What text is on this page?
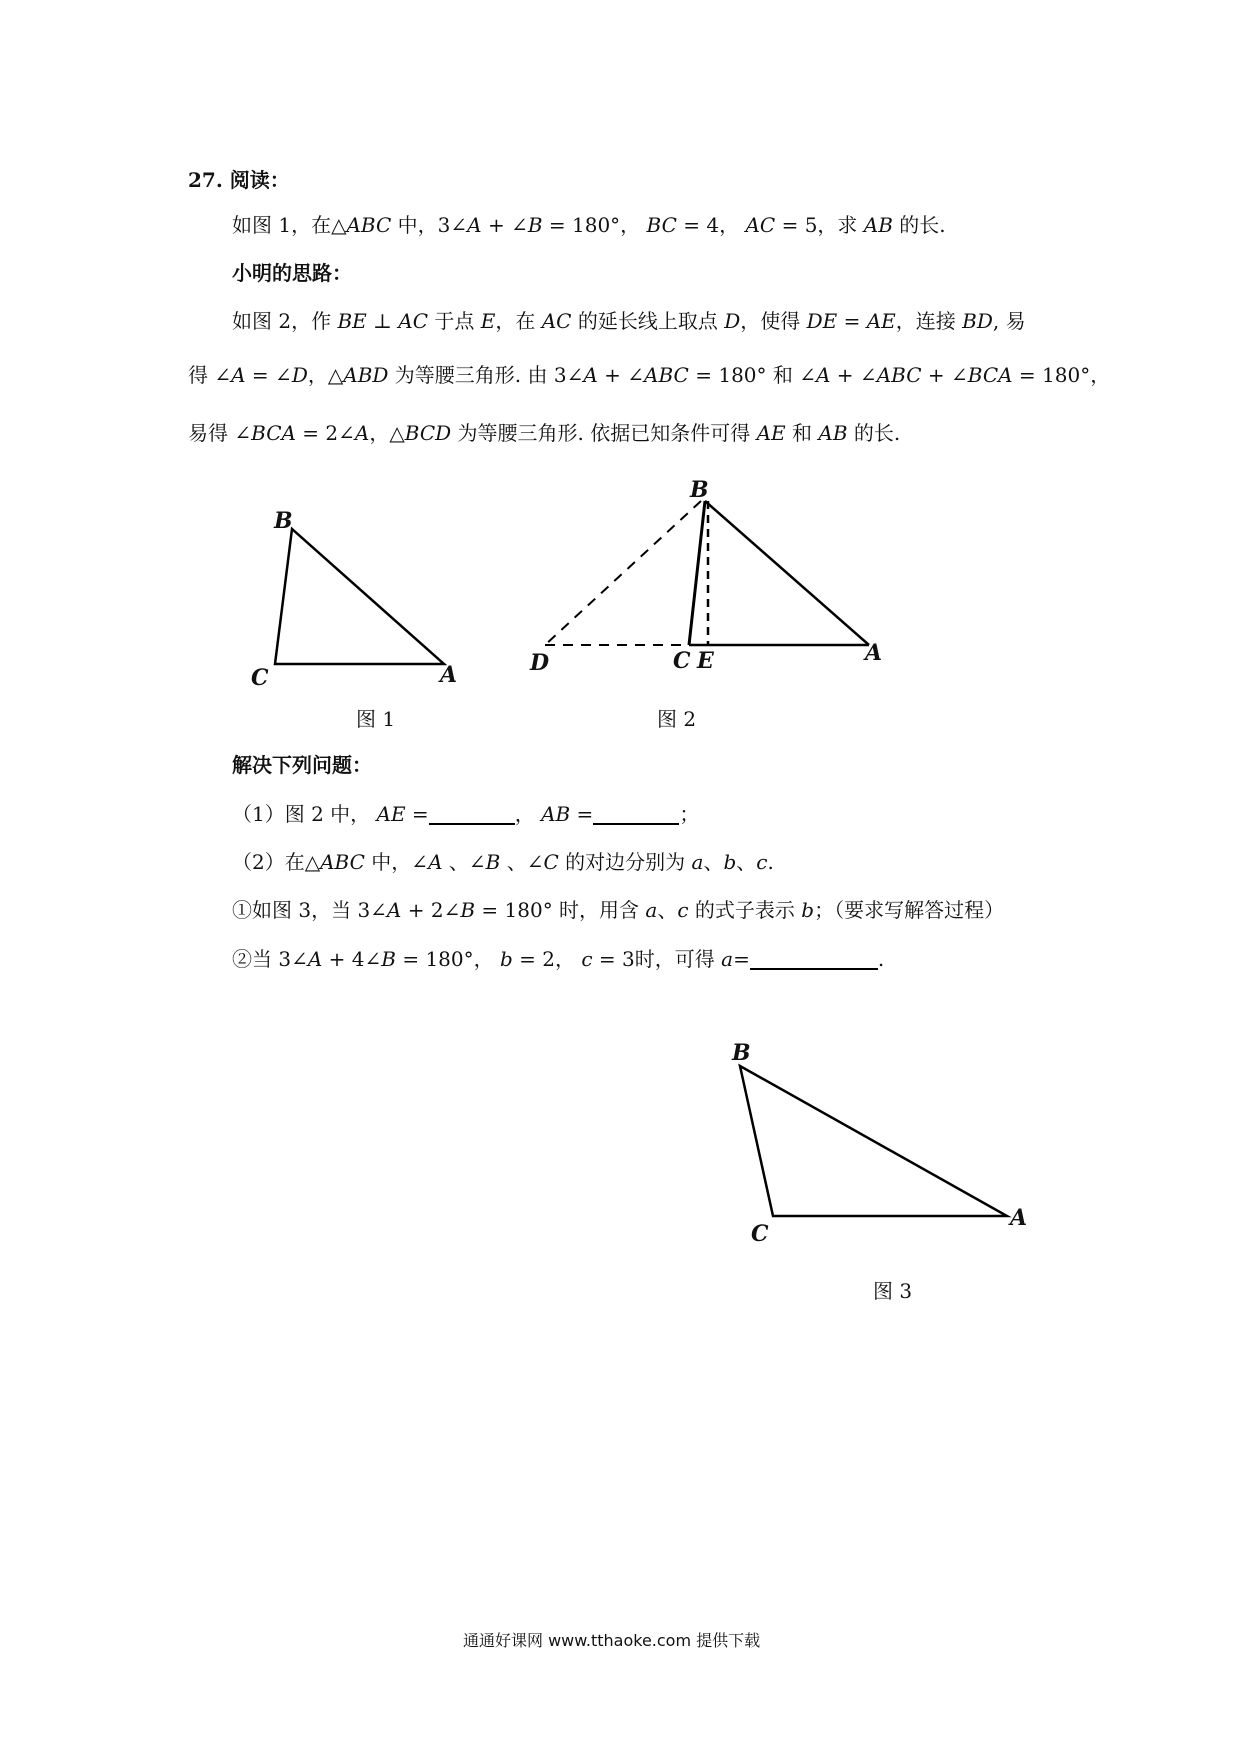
27. 阅读：
如图 1，在△ABC 中，3∠A + ∠B = 180°， BC = 4， AC = 5，求 AB 的长.
小明的思路：
如图 2，作 BE ⊥ AC 于点 E，在 AC 的延长线上取点 D，使得 DE = AE，连接 BD, 易
得 ∠A = ∠D，△ABD 为等腰三角形. 由 3∠A + ∠ABC = 180° 和 ∠A + ∠ABC + ∠BCA = 180°，
易得 ∠BCA = 2∠A，△BCD 为等腰三角形. 依据已知条件可得 AE 和 AB 的长.
B
C	A
B
D	C E	A
B
C
A
图 1	图 2
图 3
解决下列问题：
（1）图 2 中， AE =	， AB =	；
（2）在△ABC 中，∠A 、∠B 、∠C 的对边分别为 a、b、c.
①如图 3，当 3∠A + 2∠B = 180° 时，用含 a、c 的式子表示 b；（要求写解答过程）
②当 3∠A + 4∠B = 180°， b = 2， c = 3时，可得 a=	.
通通好课网 www.tthaoke.com 提供下载
